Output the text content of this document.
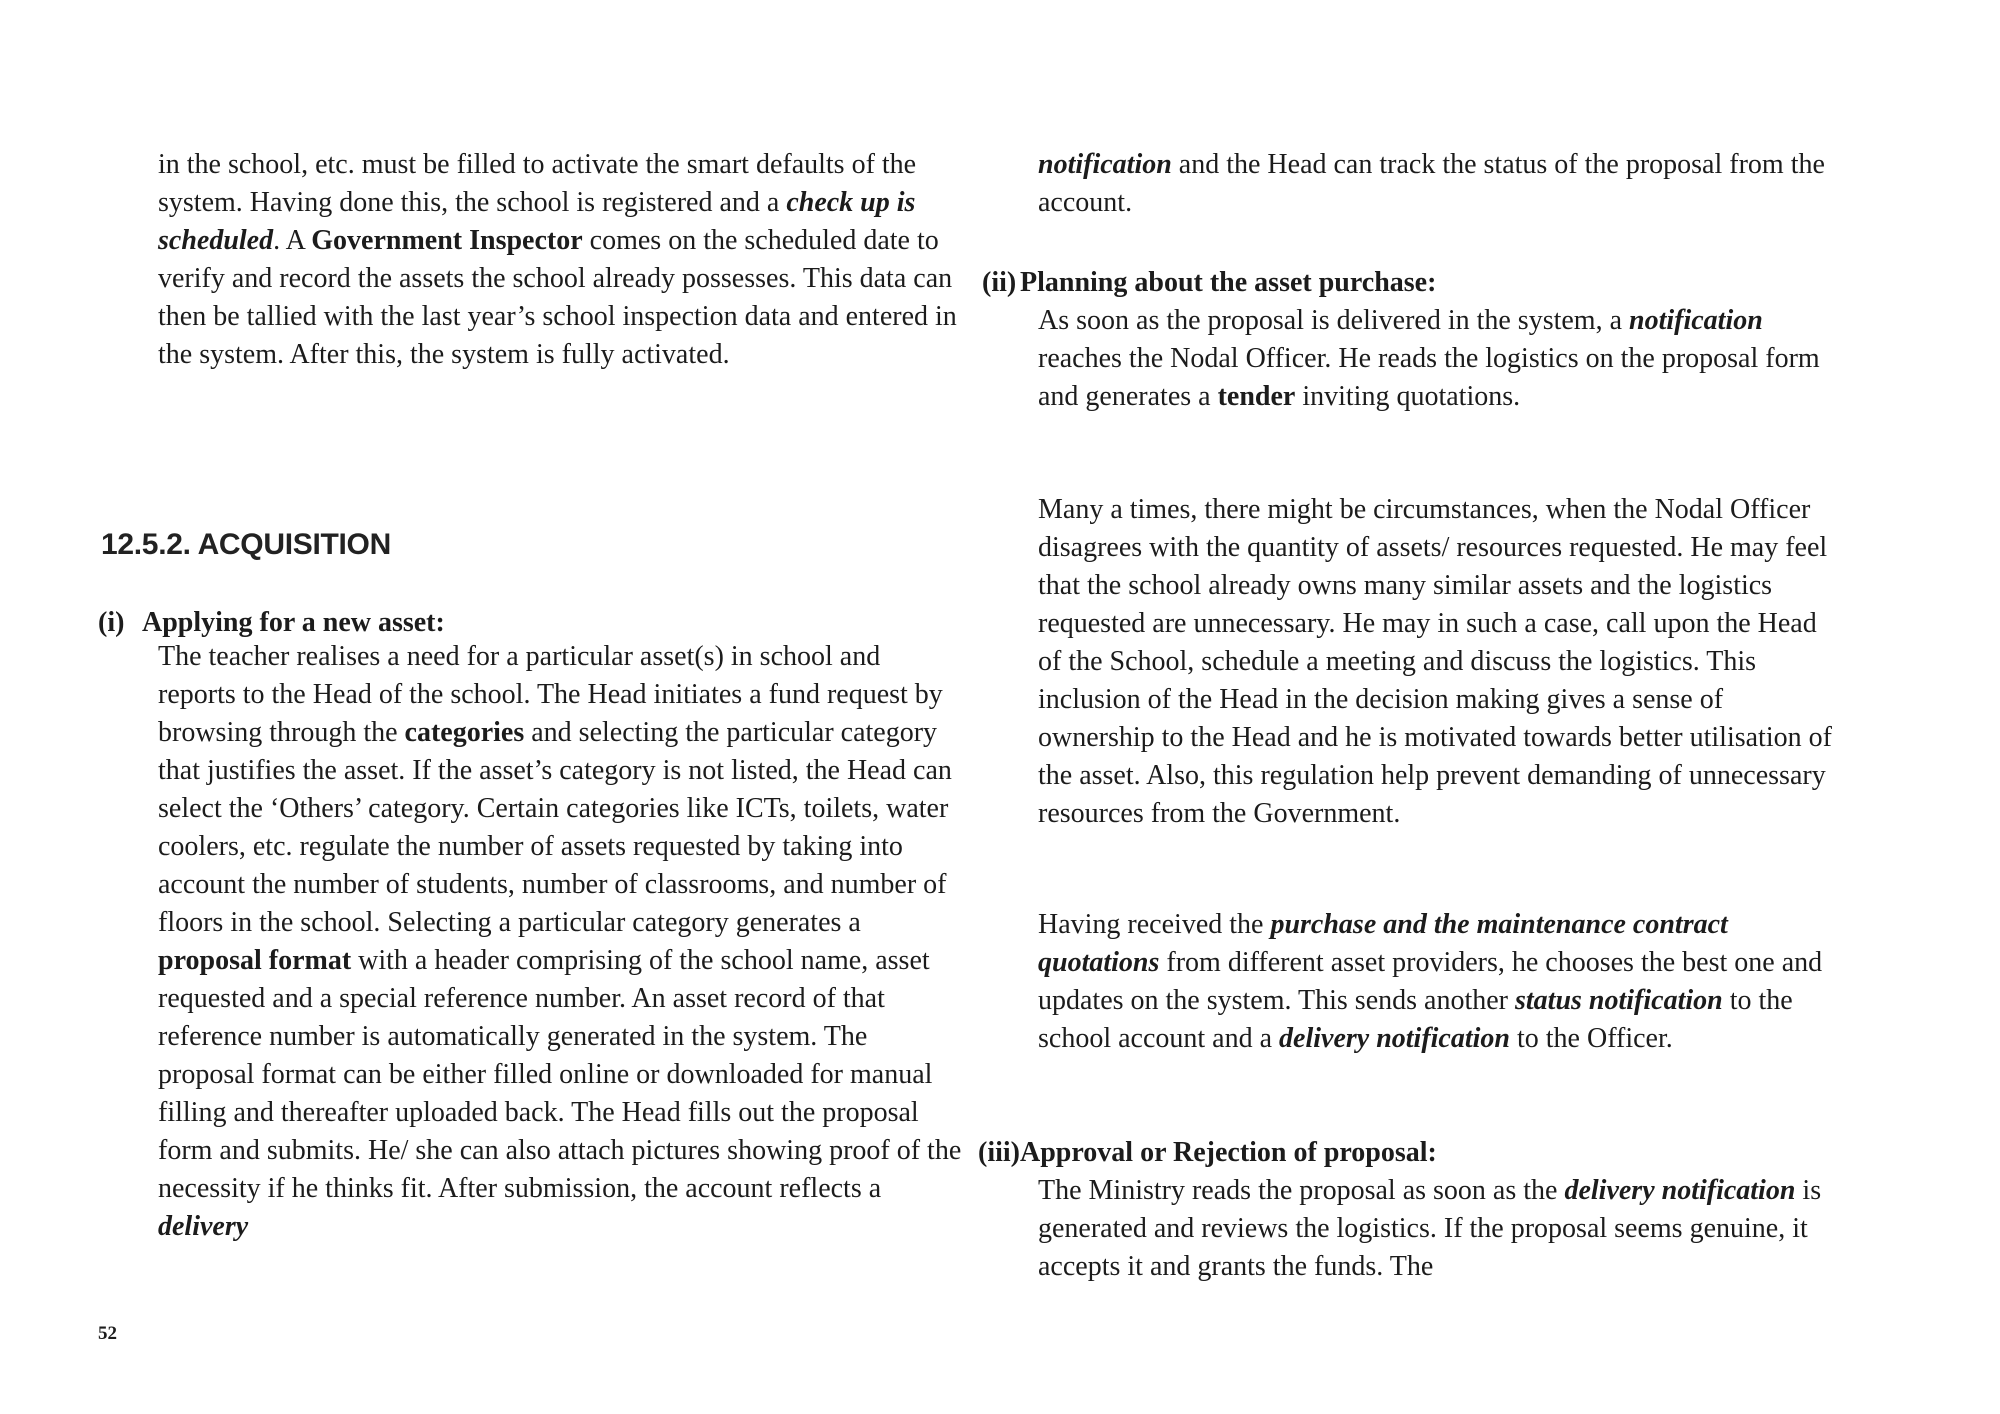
in the school, etc. must be filled to activate the smart defaults of the system. Having done this, the school is registered and a check up is scheduled. A Government Inspector comes on the scheduled date to verify and record the assets the school already possesses. This data can then be tallied with the last year’s school inspection data and entered in the system. After this, the system is fully activated.
12.5.2. ACQUISITION
(i) Applying for a new asset:
The teacher realises a need for a particular asset(s) in school and reports to the Head of the school. The Head initiates a fund request by browsing through the categories and selecting the particular category that justifies the asset. If the asset’s category is not listed, the Head can select the ‘Others’ category. Certain categories like ICTs, toilets, water coolers, etc. regulate the number of assets requested by taking into account the number of students, number of classrooms, and number of floors in the school. Selecting a particular category generates a proposal format with a header comprising of the school name, asset requested and a special reference number. An asset record of that reference number is automatically generated in the system. The proposal format can be either filled online or downloaded for manual filling and thereafter uploaded back. The Head fills out the proposal form and submits. He/ she can also attach pictures showing proof of the necessity if he thinks fit. After submission, the account reflects a delivery
52
notification and the Head can track the status of the proposal from the account.
(ii) Planning about the asset purchase:
As soon as the proposal is delivered in the system, a notification reaches the Nodal Officer. He reads the logistics on the proposal form and generates a tender inviting quotations.
Many a times, there might be circumstances, when the Nodal Officer disagrees with the quantity of assets/ resources requested. He may feel that the school already owns many similar assets and the logistics requested are unnecessary. He may in such a case, call upon the Head of the School, schedule a meeting and discuss the logistics. This inclusion of the Head in the decision making gives a sense of ownership to the Head and he is motivated towards better utilisation of the asset. Also, this regulation help prevent demanding of unnecessary resources from the Government.
Having received the purchase and the maintenance contract quotations from different asset providers, he chooses the best one and updates on the system. This sends another status notification to the school account and a delivery notification to the Officer.
(iii)Approval or Rejection of proposal:
The Ministry reads the proposal as soon as the delivery notification is generated and reviews the logistics. If the proposal seems genuine, it accepts it and grants the funds. The
